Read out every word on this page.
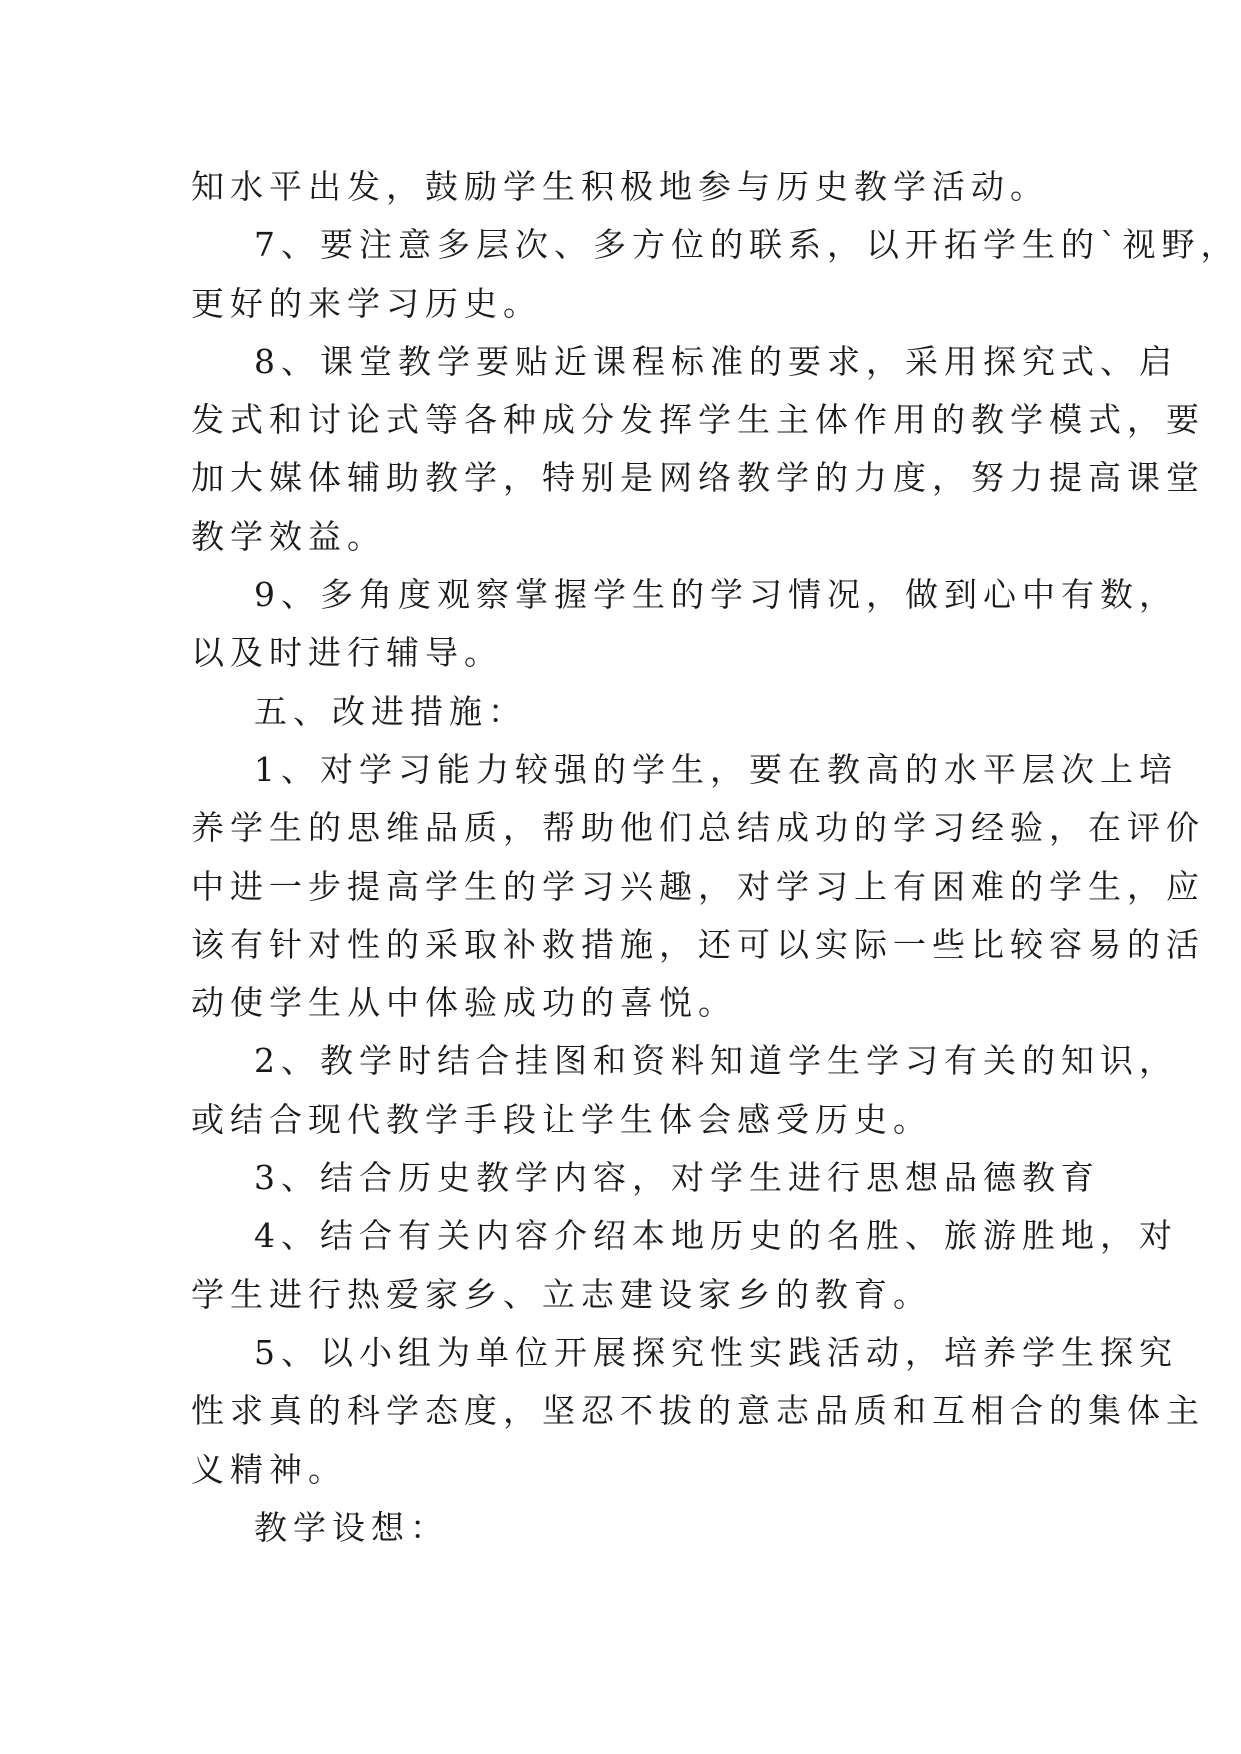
知水平出发，鼓励学生积极地参与历史教学活动。
7、要注意多层次、多方位的联系，以开拓学生的`视野，
更好的来学习历史。
8、课堂教学要贴近课程标准的要求，采用探究式、启
发式和讨论式等各种成分发挥学生主体作用的教学模式，要
加大媒体辅助教学，特别是网络教学的力度，努力提高课堂
教学效益。
9、多角度观察掌握学生的学习情况，做到心中有数，
以及时进行辅导。
五、改进措施：
1、对学习能力较强的学生，要在教高的水平层次上培
养学生的思维品质，帮助他们总结成功的学习经验，在评价
中进一步提高学生的学习兴趣，对学习上有困难的学生，应
该有针对性的采取补救措施，还可以实际一些比较容易的活
动使学生从中体验成功的喜悦。
2、教学时结合挂图和资料知道学生学习有关的知识，
或结合现代教学手段让学生体会感受历史。
3、结合历史教学内容，对学生进行思想品德教育
4、结合有关内容介绍本地历史的名胜、旅游胜地，对
学生进行热爱家乡、立志建设家乡的教育。
5、以小组为单位开展探究性实践活动，培养学生探究
性求真的科学态度，坚忍不拔的意志品质和互相合的集体主
义精神。
教学设想：
